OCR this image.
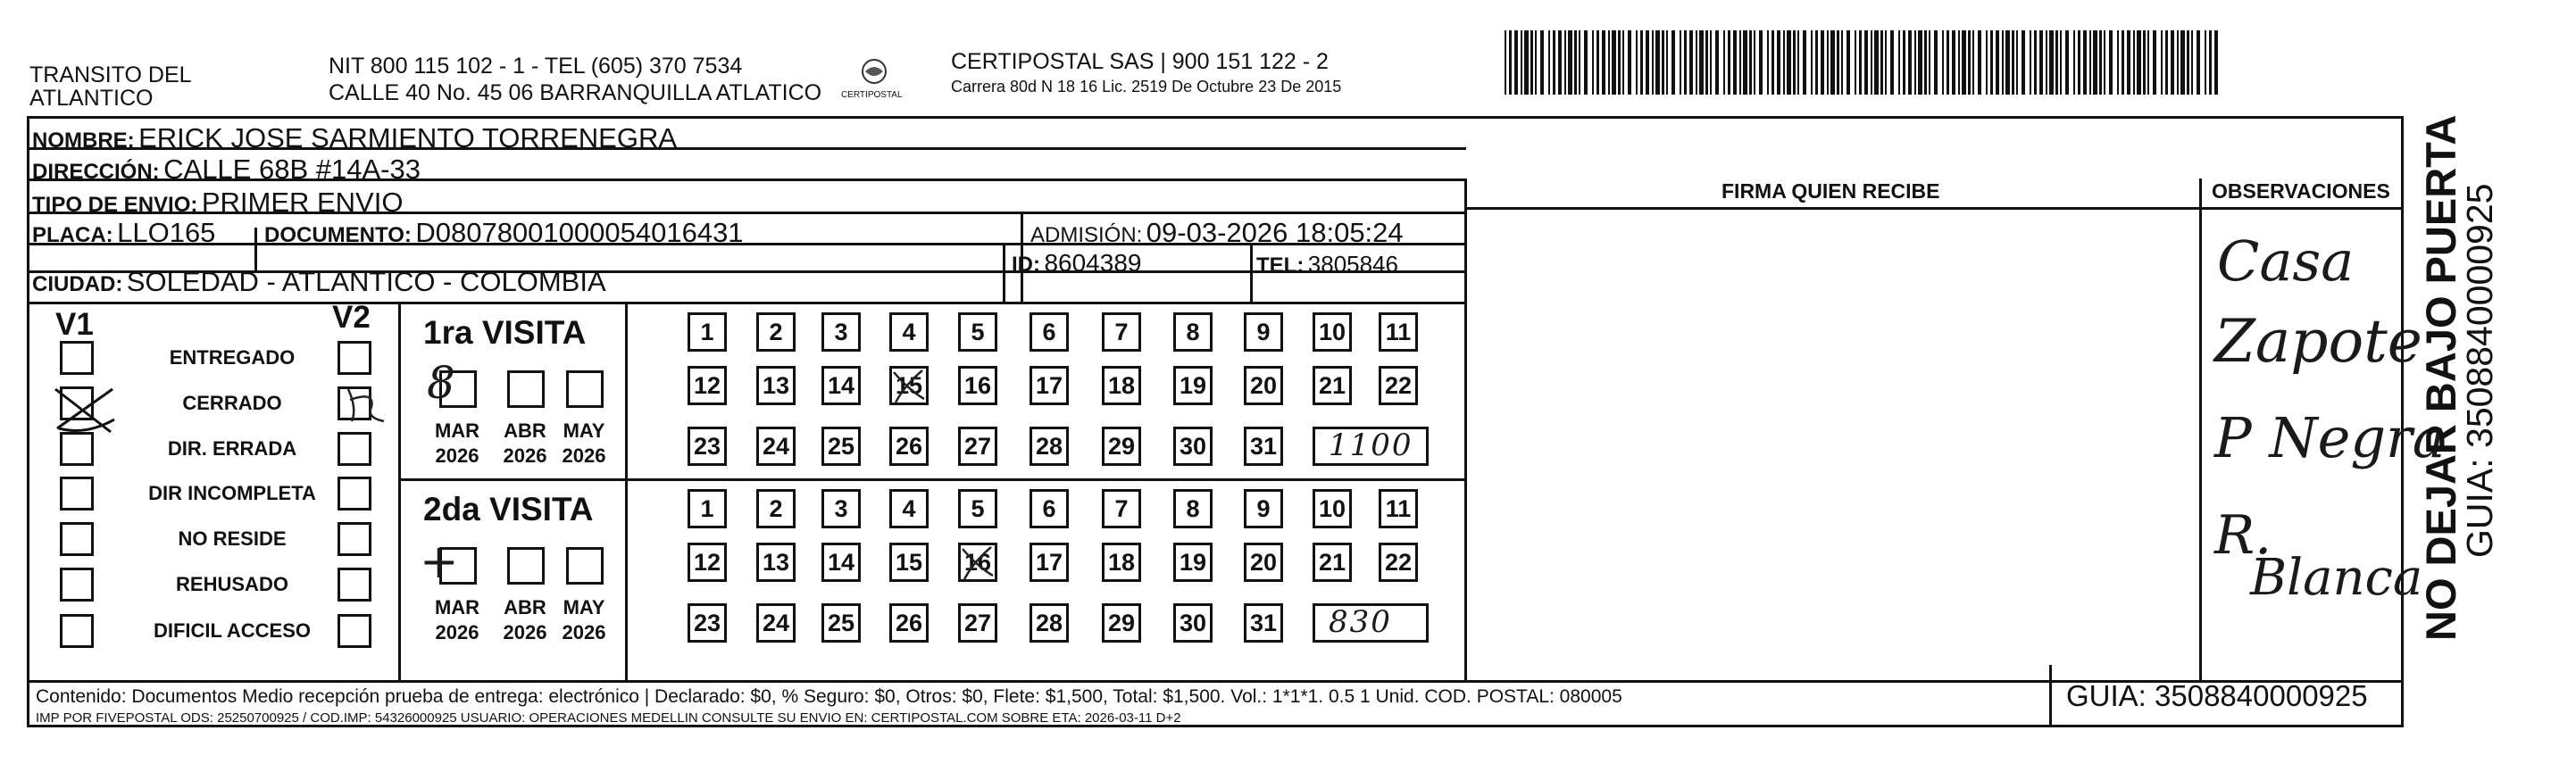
TRANSITO DEL
ATLANTICO
NIT 800 115 102 - 1 - TEL (605) 370 7534
CALLE 40 No. 45 06 BARRANQUILLA ATLATICO CERTIPOSTAL
CERTIPOSTAL SAS | 900 151 122 - 2
Carrera 80d N 18 16 Lic. 2519 De Octubre 23 De 2015
NOMBRE: ERICK JOSE SARMIENTO TORRENEGRA
DIRECCIÓN: CALLE 68B #14A-33
TIPO DE ENVIO: PRIMER ENVIO
PLACA: LLO165 DOCUMENTO: D08078001000054016431	ADMISIÓN: 09-03-2026 18:05:24
CIUDAD: SOLEDAD - ATLANTICO - COLOMBIA
ID: 8604389	TEL: 3805846
FIRMA QUIEN RECIBE	OBSERVACIONES
V1	V2
ENTREGADO
CERRADO
DIR. ERRADA
DIR INCOMPLETA
NO RESIDE
REHUSADO
DIFICIL ACCESO
1ra VISITA
MAR
2026
ABR
2026
MAY
2026
8
1	2	3	4	5	6	7	8	9	10 11
12 13 14 15 16 17 18 19 20 21 22
23 24 25 26 27 28 29 30 31 1100
2da VISITA
MAR
2026
ABR
2026
MAY
2026
+
1	2	3	4	5	6	7	8	9	10 11
12 13 14 15 16 17 18 19 20 21 22
23 24 25 26 27 28 29 30 31 830
Casa
Zapote
P Negra
R.
Blanca
NO DEJAR BAJO PUERTA
GUIA: 3508840000925
Contenido: Documentos Medio recepción prueba de entrega: electrónico | Declarado: $0, % Seguro: $0, Otros: $0, Flete: $1,500, Total: $1,500. Vol.: 1*1*1. 0.5 1 Unid. COD. POSTAL: 080005
IMP POR FIVEPOSTAL ODS: 25250700925 / COD.IMP: 54326000925 USUARIO: OPERACIONES MEDELLIN CONSULTE SU ENVIO EN: CERTIPOSTAL.COM SOBRE ETA: 2026-03-11 D+2
GUIA: 3508840000925
